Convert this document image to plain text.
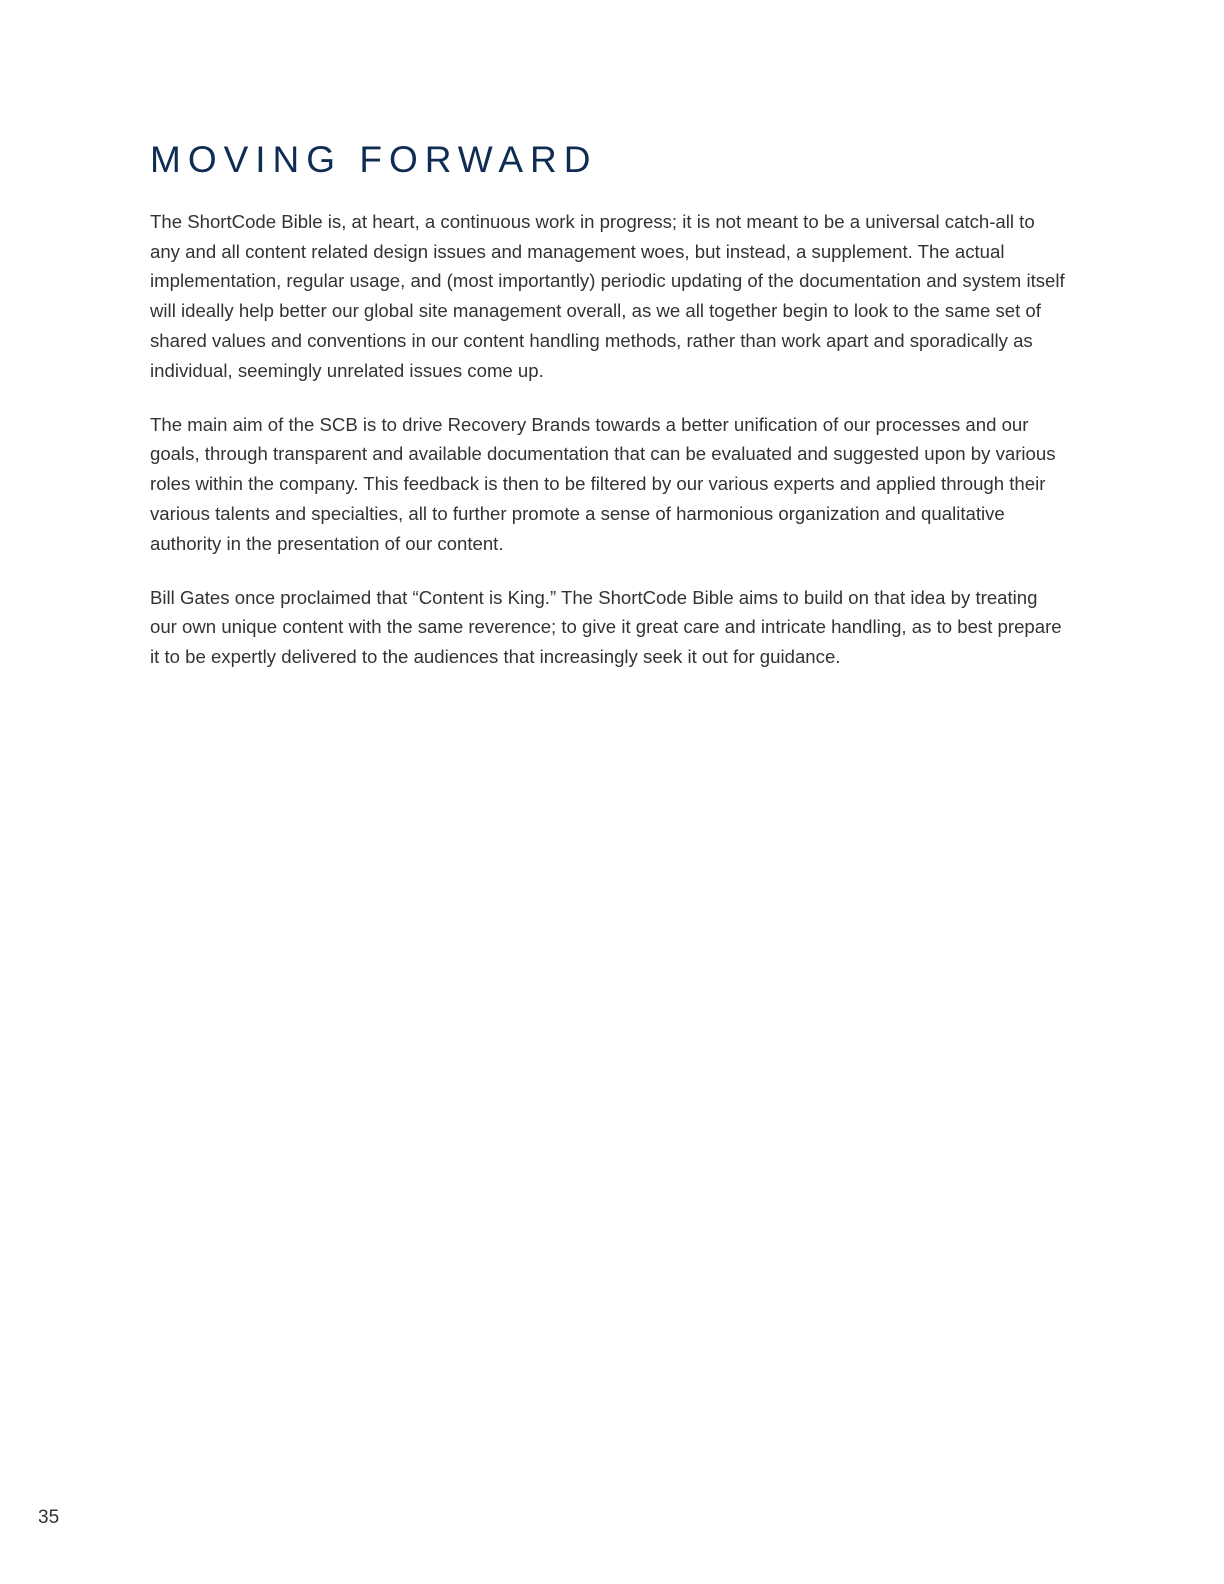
MOVING FORWARD

The ShortCode Bible is, at heart, a continuous work in progress; it is not meant to be a universal catch-all to any and all content related design issues and management woes, but instead, a supplement. The actual implementation, regular usage, and (most importantly) periodic updating of the documentation and system itself will ideally help better our global site management overall, as we all together begin to look to the same set of shared values and conventions in our content handling methods, rather than work apart and sporadically as individual, seemingly unrelated issues come up.

The main aim of the SCB is to drive Recovery Brands towards a better unification of our processes and our goals, through transparent and available documentation that can be evaluated and suggested upon by various roles within the company. This feedback is then to be filtered by our various experts and applied through their various talents and specialties, all to further promote a sense of harmonious organization and qualitative authority in the presentation of our content.

Bill Gates once proclaimed that “Content is King.” The ShortCode Bible aims to build on that idea by treating our own unique content with the same reverence; to give it great care and intricate handling, as to best prepare it to be expertly delivered to the audiences that increasingly seek it out for guidance.

35
